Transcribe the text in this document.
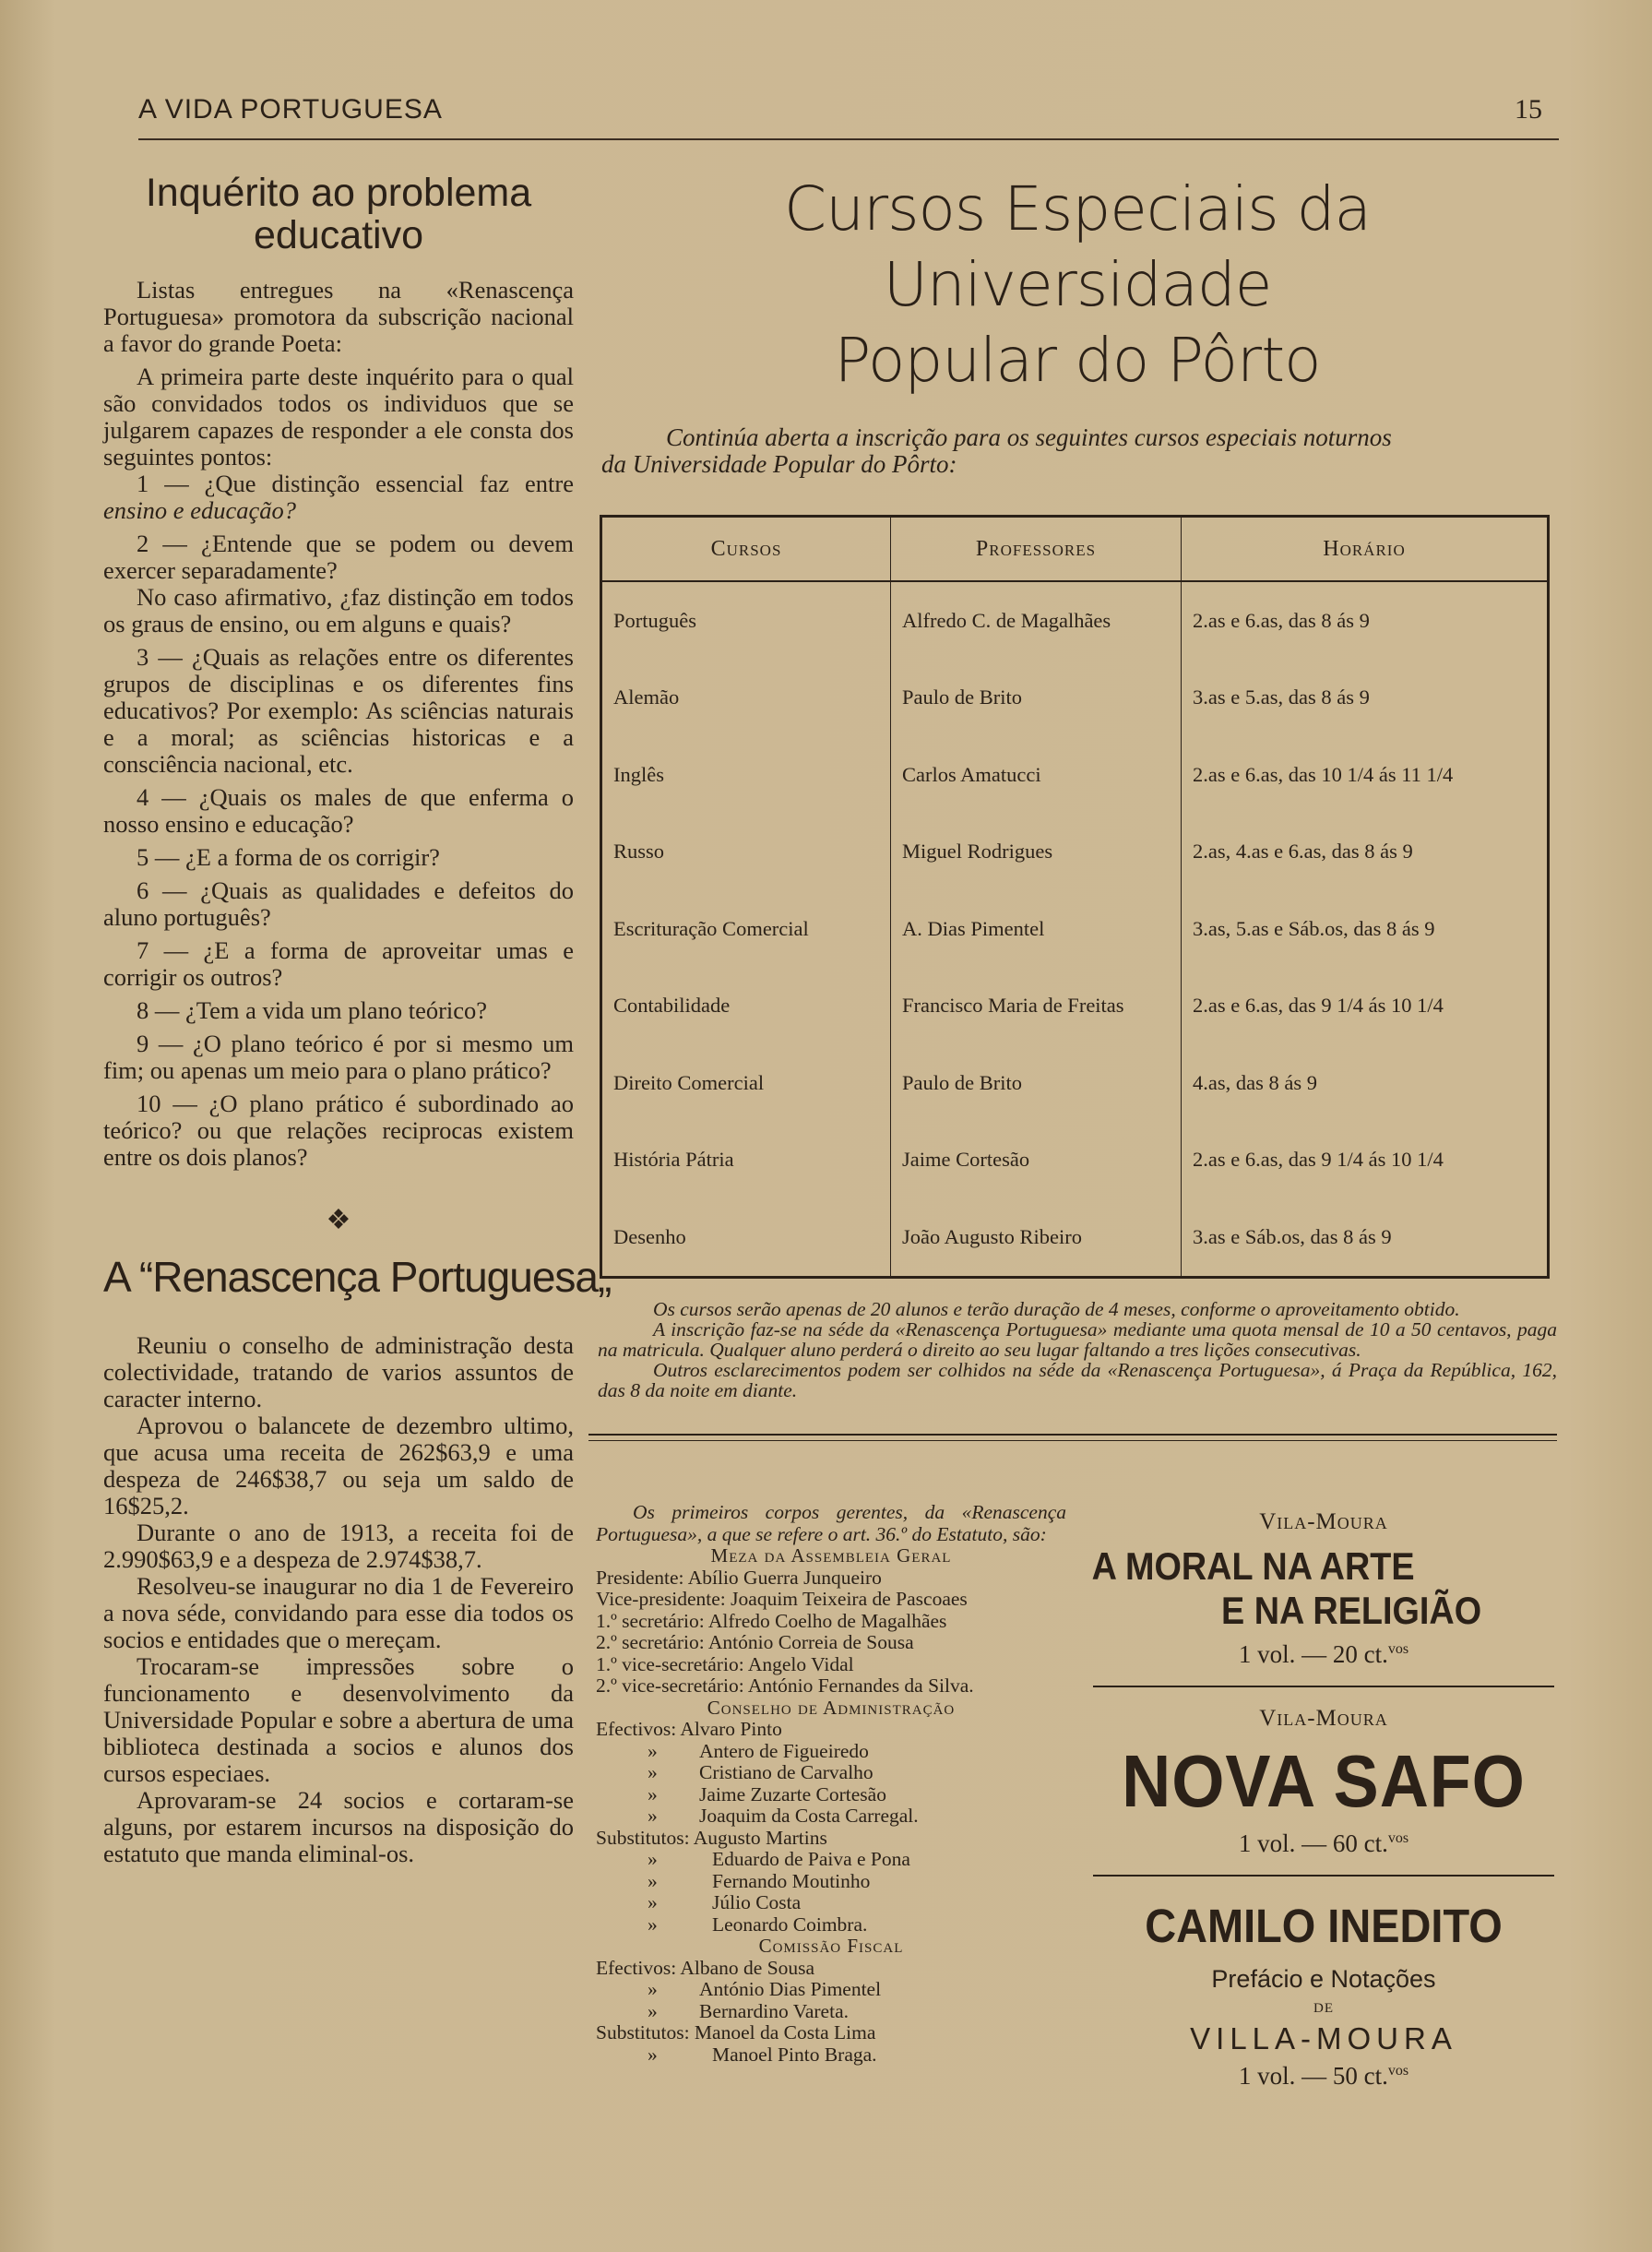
A VIDA PORTUGUESA	15
Inquérito ao problema educativo

Listas entregues na «Renascença Portuguesa» promotora da subscrição nacional a favor do grande Poeta:

A primeira parte deste inquérito para o qual são convidados todos os individuos que se julgarem capazes de responder a ele consta dos seguintes pontos:

1 — ¿Que distinção essencial faz entre ensino e educação?

2 — ¿Entende que se podem ou devem exercer separadamente?

No caso afirmativo, ¿faz distinção em todos os graus de ensino, ou em alguns e quais?

3 — ¿Quais as relações entre os diferentes grupos de disciplinas e os diferentes fins educativos? Por exemplo: As sciências naturais e a moral; as sciências historicas e a consciência nacional, etc.

4 — ¿Quais os males de que enferma o nosso ensino e educação?

5 — ¿E a forma de os corrigir?

6 — ¿Quais as qualidades e defeitos do aluno português?

7 — ¿E a forma de aproveitar umas e corrigir os outros?

8 — ¿Tem a vida um plano teórico?

9 — ¿O plano teórico é por si mesmo um fim; ou apenas um meio para o plano prático?

10 — ¿O plano prático é subordinado ao teórico? ou que relações reciprocas existem entre os dois planos?

❖
A “Renascença Portuguesa„

Reuniu o conselho de administração desta colectividade, tratando de varios assuntos de caracter interno.

Aprovou o balancete de dezembro ultimo, que acusa uma receita de 262$63,9 e uma despeza de 246$38,7 ou seja um saldo de 16$25,2.

Durante o ano de 1913, a receita foi de 2.990$63,9 e a despeza de 2.974$38,7.

Resolveu-se inaugurar no dia 1 de Fevereiro a nova séde, convidando para esse dia todos os socios e entidades que o mereçam.

Trocaram-se impressões sobre o funcionamento e desenvolvimento da Universidade Popular e sobre a abertura de uma biblioteca destinada a socios e alunos dos cursos especiaes.

Aprovaram-se 24 socios e cortaram-se alguns, por estarem incursos na disposição do estatuto que manda eliminal-os.

Cursos Especiais da Universidade
Popular do Pôrto
Continúa aberta a inscrição para os seguintes cursos especiais noturnos
da Universidade Popular do Pôrto:
Cursos	Professores	Horário
Português	Alfredo C. de Magalhães	2.as e 6.as, das 8 ás 9
Alemão	Paulo de Brito	3.as e 5.as, das 8 ás 9
Inglês	Carlos Amatucci	2.as e 6.as, das 10 1/4 ás 11 1/4
Russo	Miguel Rodrigues	2.as, 4.as e 6.as, das 8 ás 9
Escrituração Comercial	A. Dias Pimentel	3.as, 5.as e Sáb.os, das 8 ás 9
Contabilidade	Francisco Maria de Freitas	2.as e 6.as, das 9 1/4 ás 10 1/4
Direito Comercial	Paulo de Brito	4.as, das 8 ás 9
História Pátria	Jaime Cortesão	2.as e 6.as, das 9 1/4 ás 10 1/4
Desenho	João Augusto Ribeiro	3.as e Sáb.os, das 8 ás 9

Os cursos serão apenas de 20 alunos e terão duração de 4 meses, conforme o aproveitamento obtido.

A inscrição faz-se na séde da «Renascença Portuguesa» mediante uma quota mensal de 10 a 50 centavos, paga na matricula. Qualquer aluno perderá o direito ao seu lugar faltando a tres lições consecutivas.

Outros esclarecimentos podem ser colhidos na séde da «Renascença Portuguesa», á Praça da República, 162, das 8 da noite em diante.

Os primeiros corpos gerentes, da «Renascença Portuguesa», a que se refere o art. 36.º do Estatuto, são:

Meza da Assembleia Geral

Presidente: Abílio Guerra Junqueiro

Vice-presidente: Joaquim Teixeira de Pascoaes

1.º secretário: Alfredo Coelho de Magalhães

2.º secretário: António Correia de Sousa

1.º vice-secretário: Angelo Vidal

2.º vice-secretário: António Fernandes da Silva.

Conselho de Administração

Efectivos: Alvaro Pinto

» Antero de Figueiredo

» Cristiano de Carvalho

» Jaime Zuzarte Cortesão

» Joaquim da Costa Carregal.

Substitutos: Augusto Martins

»	Eduardo de Paiva e Pona

»	Fernando Moutinho

»	Júlio Costa

»	Leonardo Coimbra.

Comissão Fiscal

Efectivos: Albano de Sousa

» António Dias Pimentel

» Bernardino Vareta.

Substitutos: Manoel da Costa Lima

»	Manoel Pinto Braga.

Vila-Moura
A MORAL NA ARTE
E NA RELIGIÃO
1 vol. — 20 ct.$^{vos}$
Vila-Moura
NOVA SAFO
1 vol. — 60 ct.$^{vos}$
CAMILO INEDITO
Prefácio e Notações
de
VILLA-MOURA
1 vol. — 50 ct.$^{vos}$
